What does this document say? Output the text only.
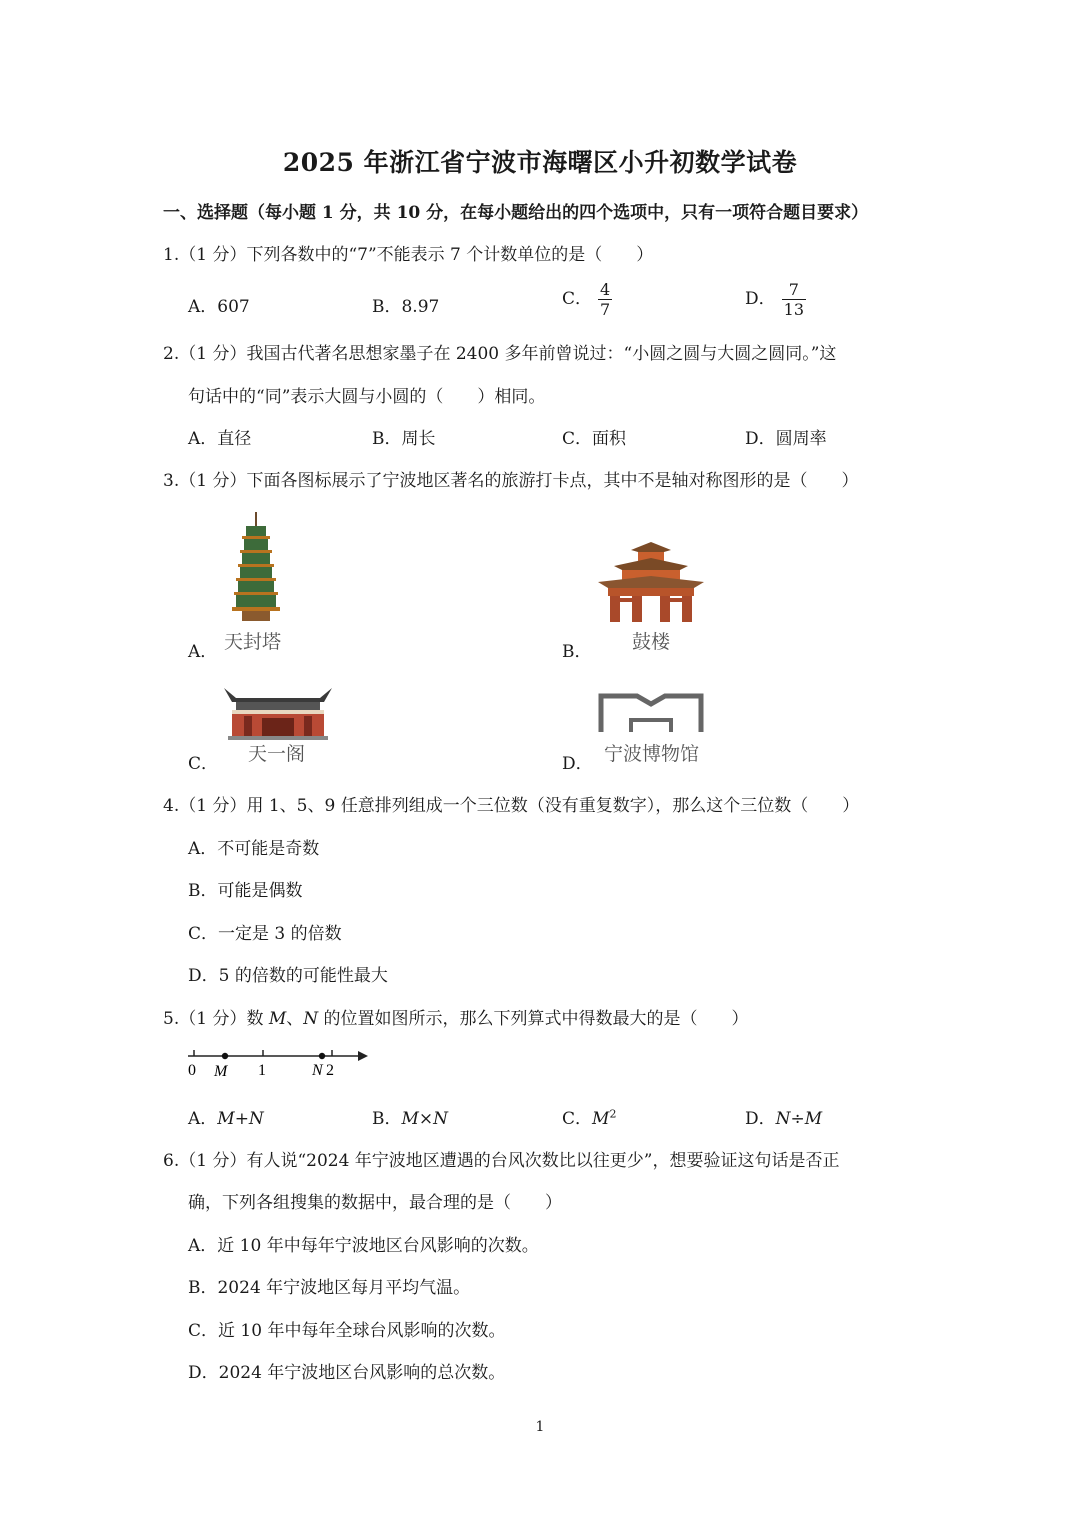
2025 年浙江省宁波市海曙区小升初数学试卷
一、选择题（每小题 1 分，共 10 分，在每小题给出的四个选项中，只有一项符合题目要求）
1.（1 分）下列各数中的“7”不能表示 7 个计数单位的是（　　）
A．607	B．8.97	C． $\frac{4}{7}$	D． $\frac{7}{13}$
2.（1 分）我国古代著名思想家墨子在 2400 多年前曾说过：“小圆之圆与大圆之圆同。”这
句话中的“同”表示大圆与小圆的（　　）相同。
A．直径	B．周长	C．面积	D．圆周率
3.（1 分）下面各图标展示了宁波地区著名的旅游打卡点，其中不是轴对称图形的是（　　）
A． 天封塔	B． 鼓楼
C． 天一阁	D． 宁波博物馆
4.（1 分）用 1、5、9 任意排列组成一个三位数（没有重复数字），那么这个三位数（　　）
A．不可能是奇数
B．可能是偶数
C．一定是 3 的倍数
D．5 的倍数的可能性最大
5.（1 分）数 M、N 的位置如图所示，那么下列算式中得数最大的是（　　）
0 M 1	N 2
A．M+N	B．M×N	C．$M^2$	D．N÷M
6.（1 分）有人说“2024 年宁波地区遭遇的台风次数比以往更少”，想要验证这句话是否正
确，下列各组搜集的数据中，最合理的是（　　）
A．近 10 年中每年宁波地区台风影响的次数。
B．2024 年宁波地区每月平均气温。
C．近 10 年中每年全球台风影响的次数。
D．2024 年宁波地区台风影响的总次数。
1
